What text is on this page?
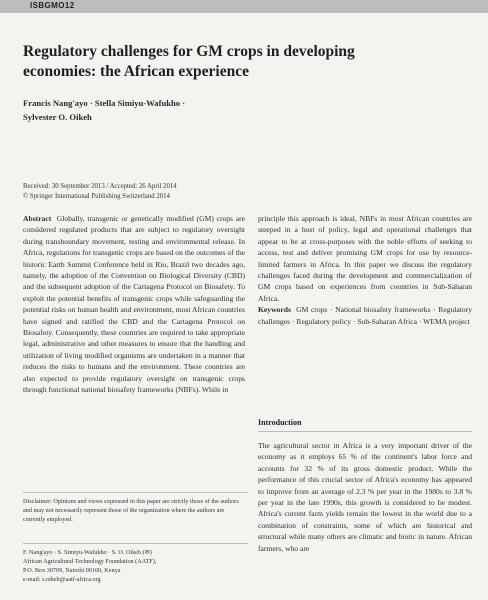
ISBGMO12
Regulatory challenges for GM crops in developing
economies: the African experience
Francis Nang'ayo · Stella Simiyu-Wafukho ·
Sylvester O. Oikeh
Received: 30 September 2013 / Accepted: 26 April 2014
© Springer International Publishing Switzerland 2014

Abstract Globally, transgenic or genetically modified (GM) crops are considered regulated products that are subject to regulatory oversight during transboundary movement, testing and environmental release. In Africa, regulations for transgenic crops are based on the outcomes of the historic Earth Summit Conference held in Rio, Brazil two decades ago, namely, the adoption of the Convention on Biological Diversity (CBD) and the subsequent adoption of the Cartagena Protocol on Biosafety. To exploit the potential benefits of transgenic crops while safeguarding the potential risks on human health and environment, most African countries have signed and ratified the CBD and the Cartagena Protocol on Biosafety. Consequently, these countries are required to take appropriate legal, administrative and other measures to ensure that the handling and utilization of living modified organisms are undertaken in a manner that reduces the risks to humans and the environment. These countries are also expected to provide regulatory oversight on transgenic crops through functional national biosafety frameworks (NBFs). While in

principle this approach is ideal, NBFs in most African countries are steeped in a host of policy, legal and operational challenges that appear to be at cross-purposes with the noble efforts of seeking to access, test and deliver promising GM crops for use by resource-limited farmers in Africa. In this paper we discuss the regulatory challenges faced during the development and commercialization of GM crops based on experiences from countries in Sub-Saharan Africa.

Keywords GM crops · National biosafety frameworks · Regulatory challenges · Regulatory policy · Sub-Saharan Africa · WEMA project

Introduction

The agricultural sector in Africa is a very important driver of the economy as it employs 65 % of the continent's labor force and accounts for 32 % of its gross domestic product. While the performance of this crucial sector of Africa's economy has appeared to improve from an average of 2.3 % per year in the 1980s to 3.8 % per year in the late 1990s, this growth is considered to be modest. Africa's current farm yields remain the lowest in the world due to a combination of constraints, some of which are historical and structural while many others are climatic and biotic in nature. African farmers, who are

Disclaimer: Opinions and views expressed in this paper are strictly those of the authors and may not necessarily represent those of the organization where the authors are currently employed.

F. Nang'ayo · S. Simiyu-Wafukho · S. O. Oikeh (✉)
African Agricultural Technology Foundation (AATF),
P.O. Box 30709, Nairobi 00100, Kenya
e-mail: s.oikeh@aatf-africa.org
